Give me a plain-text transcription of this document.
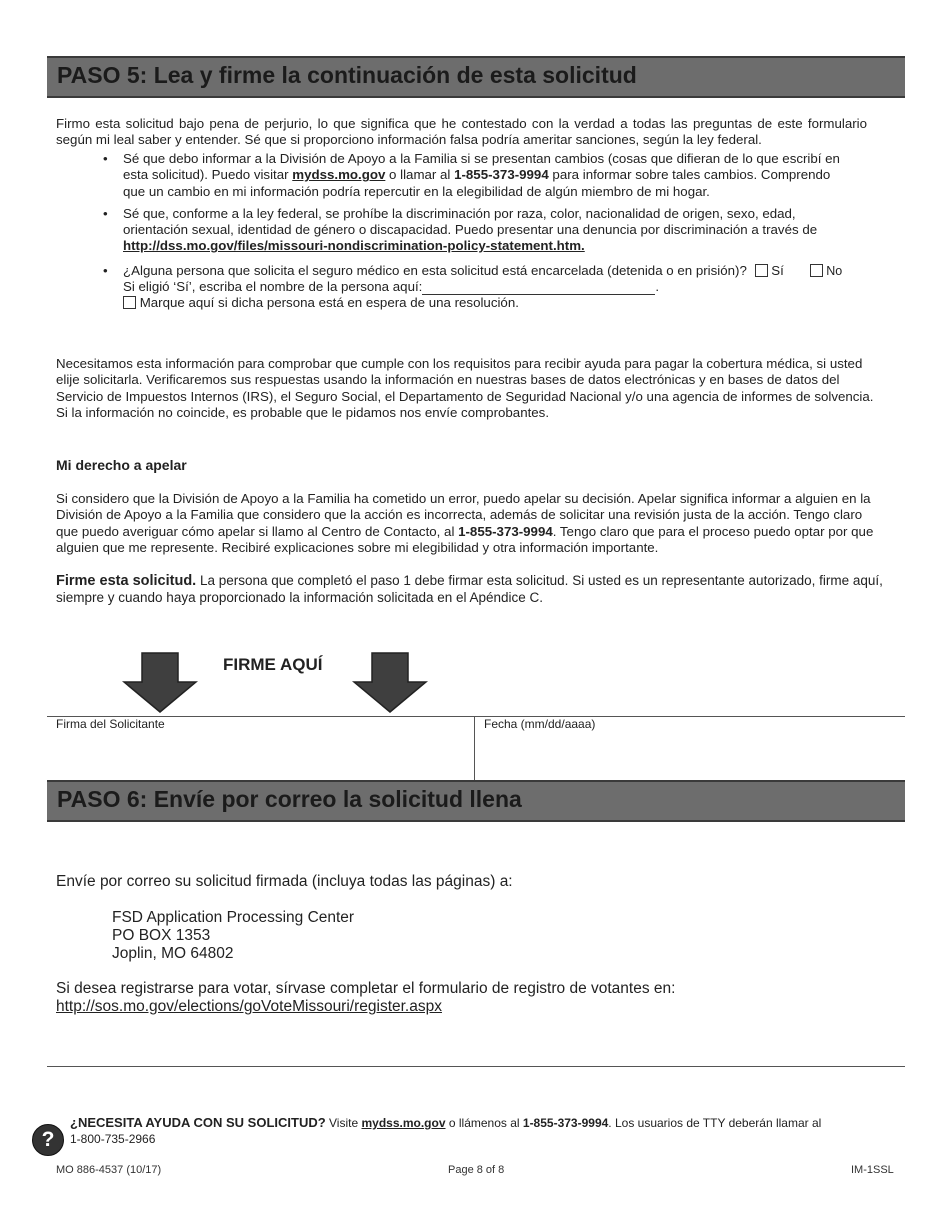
PASO 5: Lea y firme la continuación de esta solicitud
Firmo esta solicitud bajo pena de perjurio, lo que significa que he contestado con la verdad a todas las preguntas de este formulario según mi leal saber y entender. Sé que si proporciono información falsa podría ameritar sanciones, según la ley federal.
• Sé que debo informar a la División de Apoyo a la Familia si se presentan cambios (cosas que difieran de lo que escribí en esta solicitud). Puedo visitar mydss.mo.gov o llamar al 1-855-373-9994 para informar sobre tales cambios. Comprendo que un cambio en mi información podría repercutir en la elegibilidad de algún miembro de mi hogar.
• Sé que, conforme a la ley federal, se prohíbe la discriminación por raza, color, nacionalidad de origen, sexo, edad, orientación sexual, identidad de género o discapacidad. Puedo presentar una denuncia por discriminación a través de http://dss.mo.gov/files/missouri-nondiscrimination-policy-statement.htm.
• ¿Alguna persona que solicita el seguro médico en esta solicitud está encarcelada (detenida o en prisión)? Sí	No
Si eligió ‘Sí’, escriba el nombre de la persona aquí:	.
Marque aquí si dicha persona está en espera de una resolución.
Necesitamos esta información para comprobar que cumple con los requisitos para recibir ayuda para pagar la cobertura médica, si usted elije solicitarla. Verificaremos sus respuestas usando la información en nuestras bases de datos electrónicas y en bases de datos del Servicio de Impuestos Internos (IRS), el Seguro Social, el Departamento de Seguridad Nacional y/o una agencia de informes de solvencia. Si la información no coincide, es probable que le pidamos nos envíe comprobantes.
Mi derecho a apelar
Si considero que la División de Apoyo a la Familia ha cometido un error, puedo apelar su decisión. Apelar significa informar a alguien en la División de Apoyo a la Familia que considero que la acción es incorrecta, además de solicitar una revisión justa de la acción. Tengo claro que puedo averiguar cómo apelar si llamo al Centro de Contacto, al 1-855-373-9994. Tengo claro que para el proceso puedo optar por que alguien que me represente. Recibiré explicaciones sobre mi elegibilidad y otra información importante.
Firme esta solicitud. La persona que completó el paso 1 debe firmar esta solicitud. Si usted es un representante autorizado, firme aquí, siempre y cuando haya proporcionado la información solicitada en el Apéndice C.
FIRME AQUÍ
Firma del Solicitante	Fecha (mm/dd/aaaa)
PASO 6: Envíe por correo la solicitud llena
Envíe por correo su solicitud firmada (incluya todas las páginas) a:
FSD Application Processing Center
PO BOX 1353
Joplin, MO 64802
Si desea registrarse para votar, sírvase completar el formulario de registro de votantes en:
http://sos.mo.gov/elections/goVoteMissouri/register.aspx
?
¿NECESITA AYUDA CON SU SOLICITUD? Visite mydss.mo.gov o llámenos al 1-855-373-9994. Los usuarios de TTY deberán llamar al
1-800-735-2966
MO 886-4537 (10/17)	Page 8 of 8	IM-1SSL
